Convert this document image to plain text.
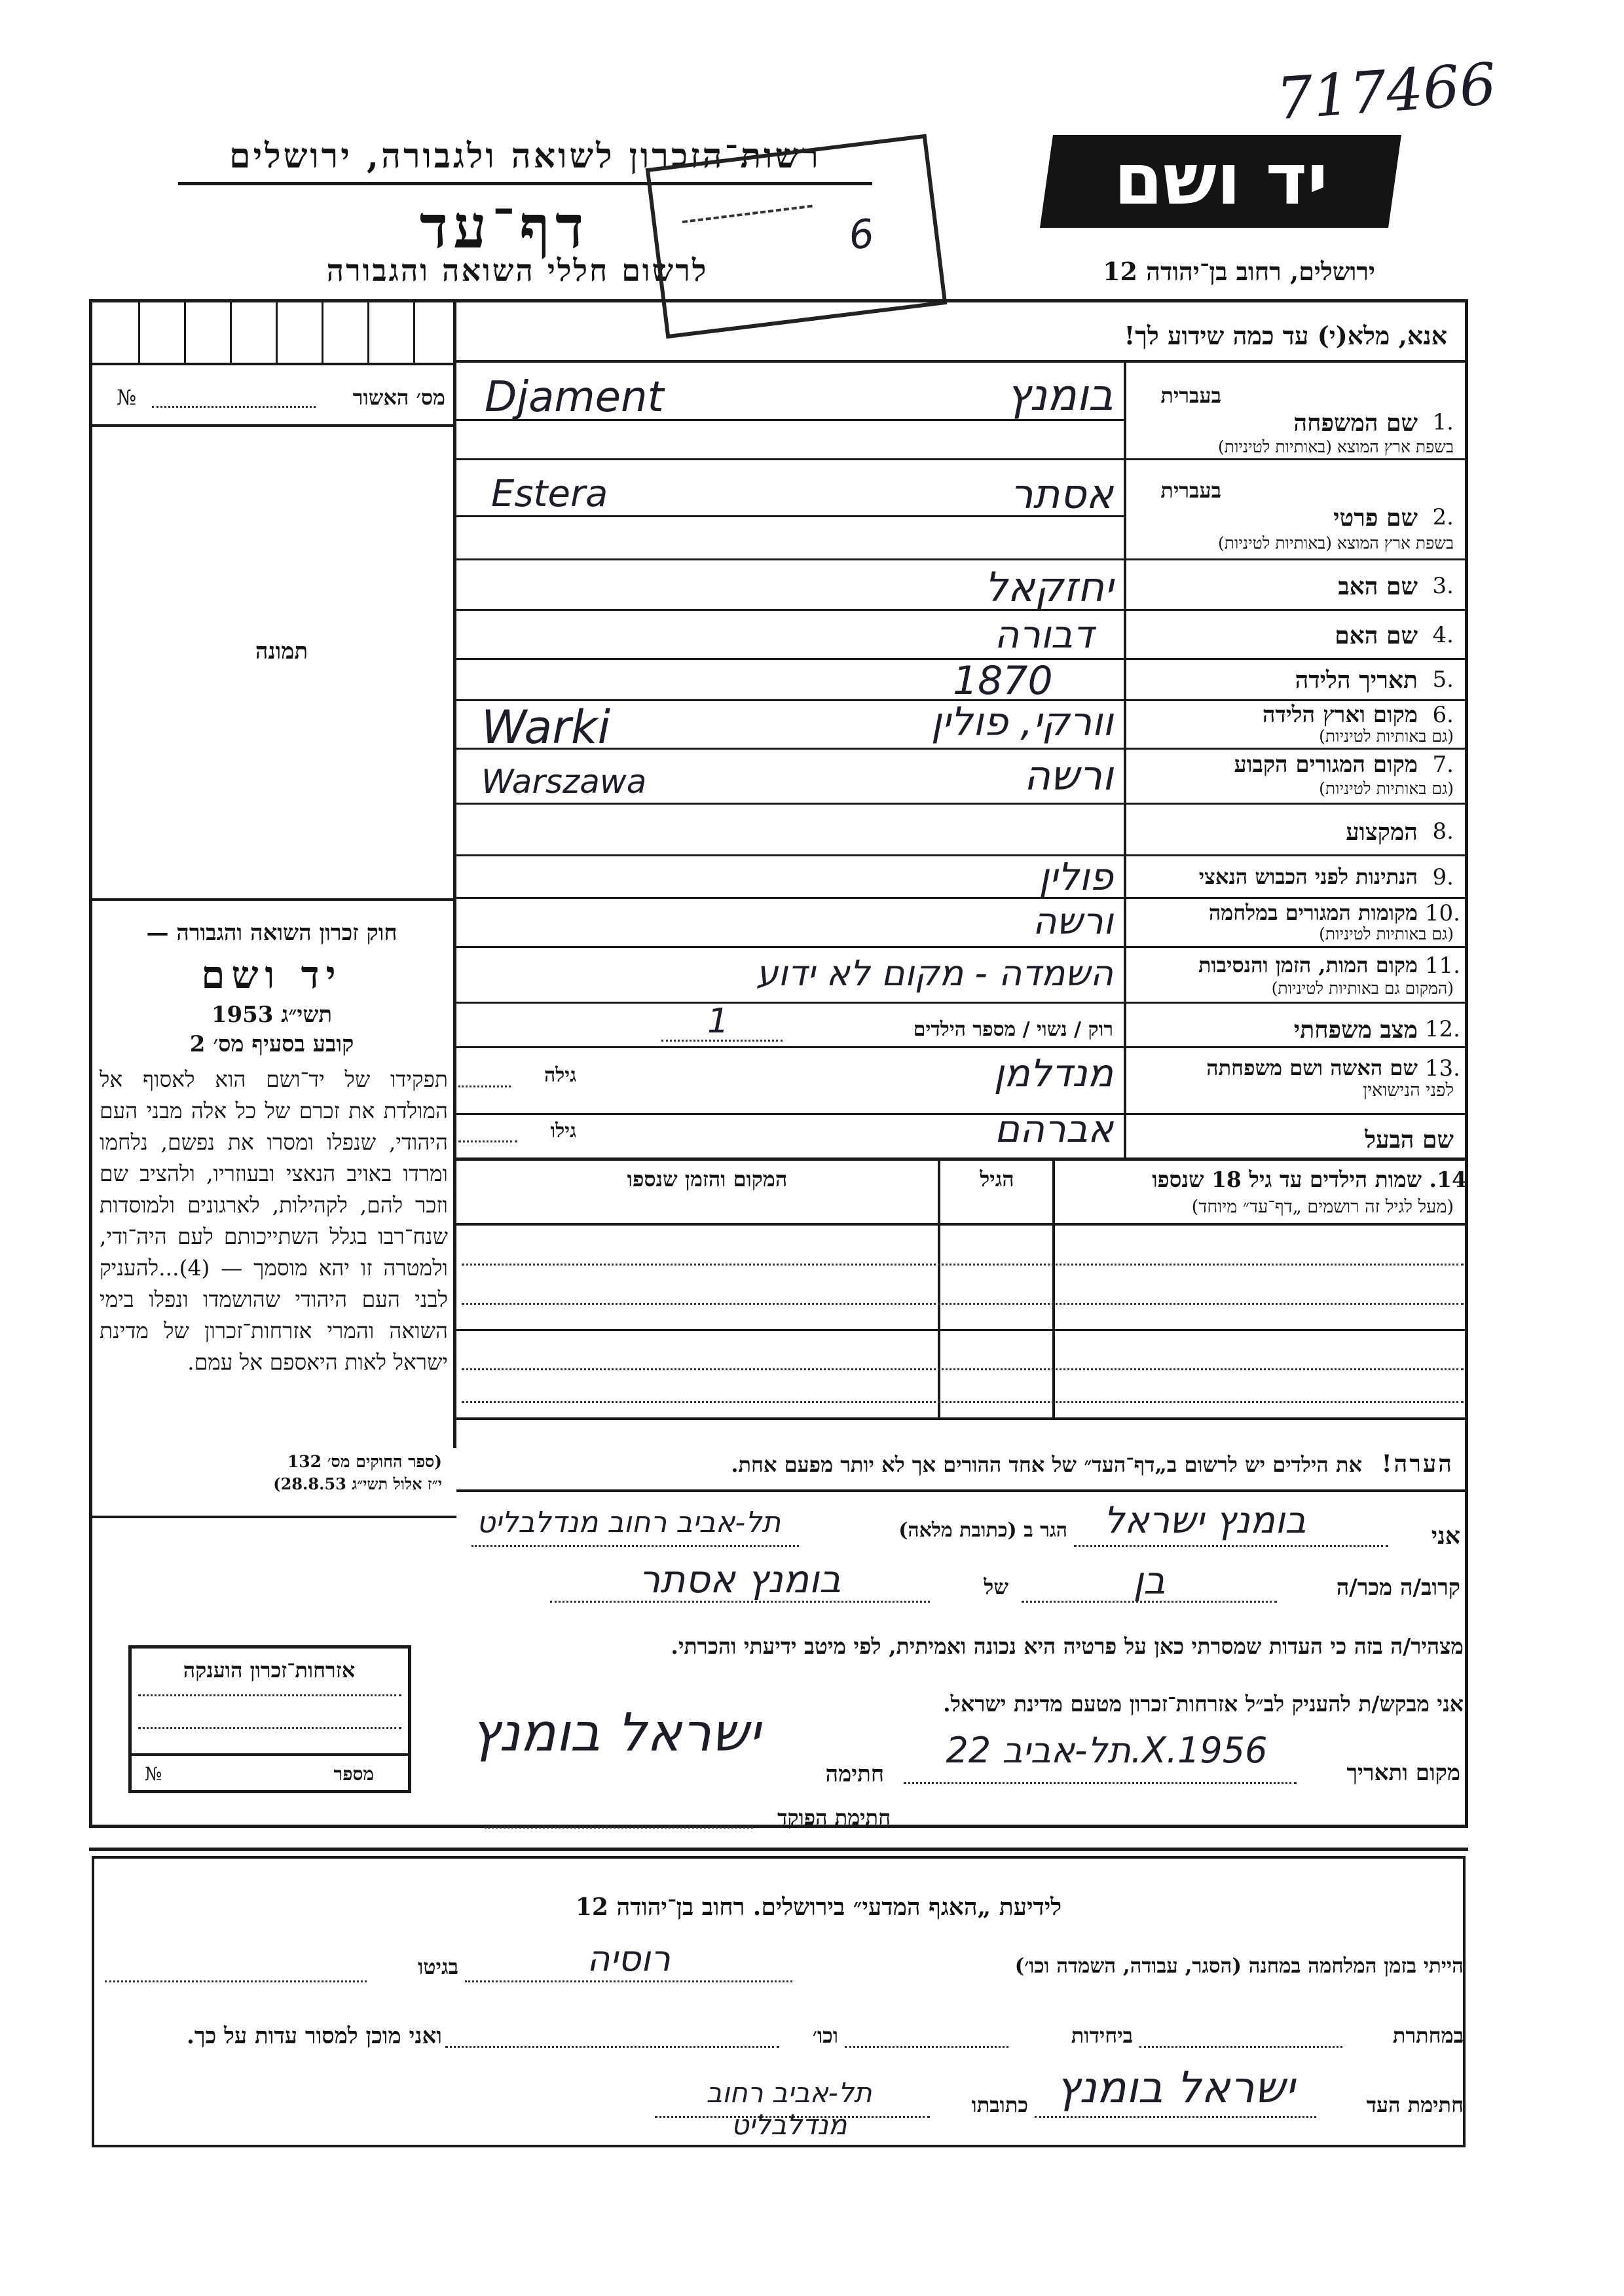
717466
יד ושם
ירושלים, רחוב בן־יהודה 12
רשות־הזכרון לשואה ולגבורה, ירושלים
דף־עד
לרשום חללי השואה והגבורה
6
אנא, מלא(י) עד כמה שידוע לך!
מס׳ האשור
№
תמונה
בעברית
1.
שם המשפחה
בשפת ארץ המוצא (באותיות לטיניות)
בומנץ
Djament
בעברית
2.
שם פרטי
בשפת ארץ המוצא (באותיות לטיניות)
אסתר
Estera
3.
שם האב
יחזקאל
4.
שם האם
דבורה
5.
תאריך הלידה
1870
6.
מקום וארץ הלידה
(גם באותיות לטיניות)
וורקי, פולין
Warki
7.
מקום המגורים הקבוע
(גם באותיות לטיניות)
ורשה
Warszawa
8.
המקצוע
9.
הנתינות לפני הכבוש הנאצי
פולין
10.
מקומות המגורים במלחמה
(גם באותיות לטיניות)
ורשה
11.
מקום המות, הזמן והנסיבות
(המקום גם באותיות לטיניות)
השמדה - מקום לא ידוע
12.
מצב משפחתי
רוק / נשוי / מספר הילדים
1
13.
שם האשה ושם משפחתה
לפני הנישואין
מנדלמן
גילה
שם הבעל
אברהם
גילו
14. שמות הילדים עד גיל 18 שנספו
(מעל לגיל זה רושמים „דף־עד״ מיוחד)
הגיל
המקום והזמן שנספו
הערה!
את הילדים יש לרשום ב„דף־העד״ של אחד ההורים אך לא יותר מפעם אחת.
חוק זכרון השואה והגבורה —
יד ושם
1953 תשי״ג
קובע בסעיף מס׳ 2
תפקידו של יד־ושם הוא לאסוף אל המולדת את זכרם של כל אלה מבני העם היהודי, שנפלו ומסרו את נפשם, נלחמו ומרדו באויב הנאצי ובעוזריו, ולהציב שם וזכר להם, לקהילות, לארגונים ולמוסדות שנח־רבו בגלל השתייכותם לעם היה־ודי, ולמטרה זו יהא מוסמך — (4)...להעניק לבני העם היהודי שהושמדו ונפלו בימי השואה והמרי אזרחות־זכרון של מדינת ישראל לאות היאספם אל עמם.
(ספר החוקים מס׳ 132
י״ז אלול תשי״ג 28.8.53)
אזרחות־זכרון הוענקה
מספר
№
אני
בומנץ ישראל
הגר ב (כתובת מלאה)
תל-אביב רחוב מנדלבליט
קרוב/ה מכר/ה
בן
של
בומנץ אסתר
מצהיר/ה בזה כי העדות שמסרתי כאן על פרטיה היא נכונה ואמיתית, לפי מיטב ידיעתי והכרתי.
אני מבקש/ת להעניק לב״ל אזרחות־זכרון מטעם מדינת ישראל.
מקום ותאריך
תל-אביב 22.X.1956
חתימה
ישראל בומנץ
חתימת הפוקד
לידיעת „האגף המדעי״ בירושלים. רחוב בן־יהודה 12
הייתי בזמן המלחמה במחנה (הסגר, עבודה, השמדה וכו׳)
רוסיה
בגיטו
במחתרת
ביחידות
וכו׳
ואני מוכן למסור עדות על כך.
חתימת העד
ישראל בומנץ
כתובתו
תל-אביב רחוב מנדלבליט
